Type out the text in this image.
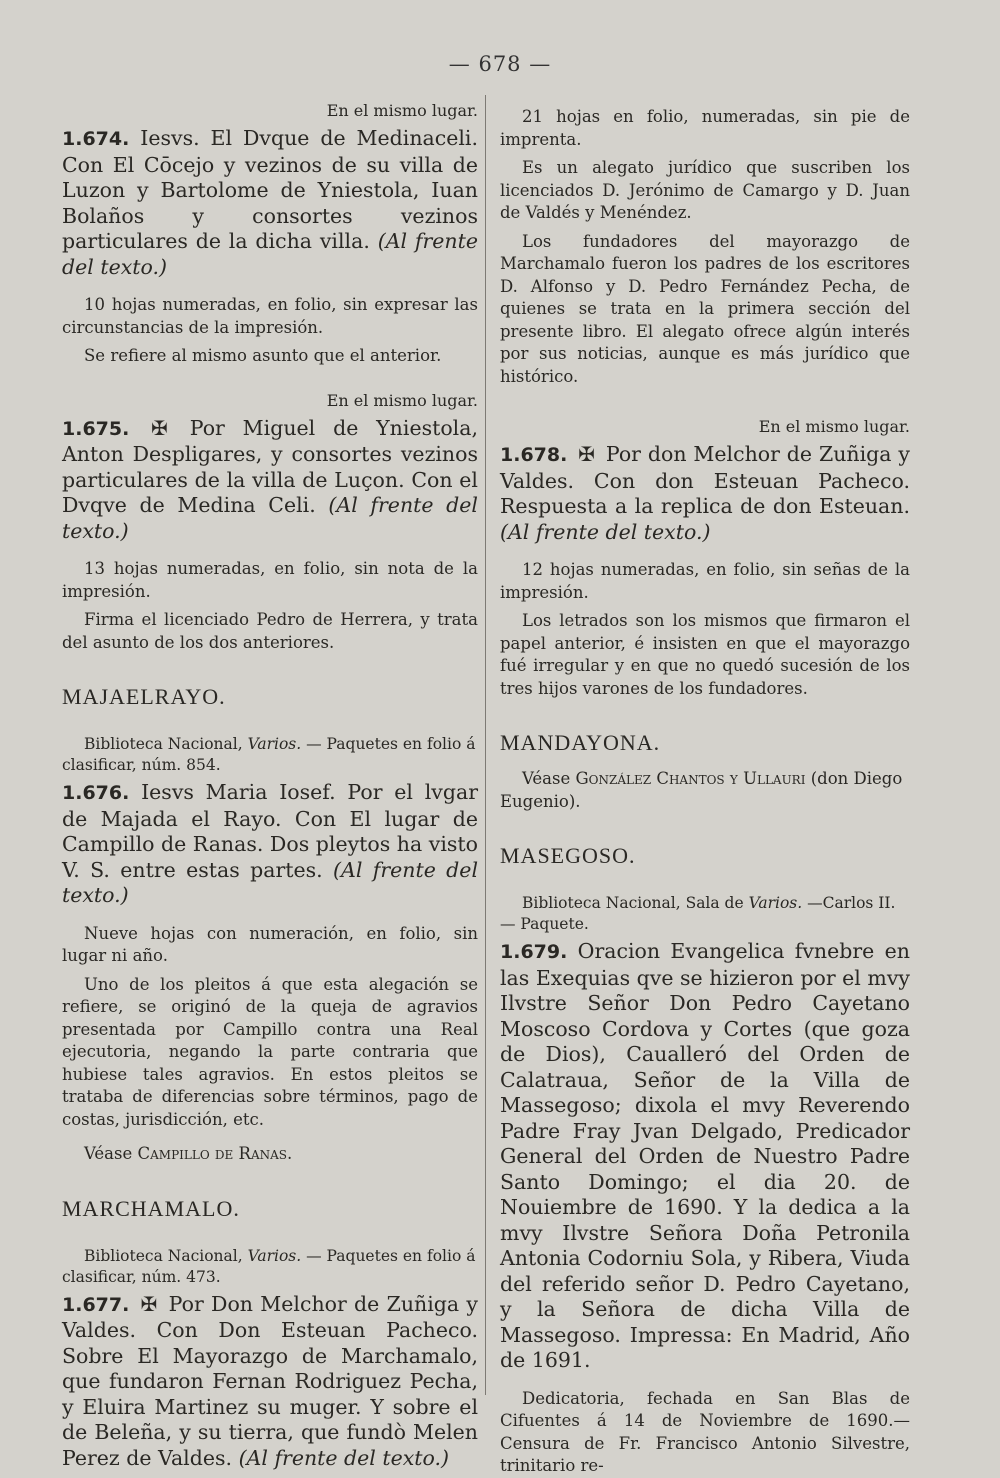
— 678 —

En el mismo lugar.

1.674. Iesvs. El Dvque de Medinaceli. Con El Cōcejo y vezinos de su villa de Luzon y Bartolome de Yniestola, Iuan Bolaños y consortes vezinos particulares de la dicha villa. (Al frente del texto.)

10 hojas numeradas, en folio, sin expresar las circunstancias de la impresión.

Se refiere al mismo asunto que el anterior.

En el mismo lugar.

1.675. ✠ Por Miguel de Yniestola, Anton Despligares, y consortes vezinos particulares de la villa de Luçon. Con el Dvqve de Medina Celi. (Al frente del texto.)

13 hojas numeradas, en folio, sin nota de la impresión.

Firma el licenciado Pedro de Herrera, y trata del asunto de los dos anteriores.

MAJAELRAYO.

Biblioteca Nacional, Varios. — Paquetes en folio á clasificar, núm. 854.

1.676. Iesvs Maria Iosef. Por el lvgar de Majada el Rayo. Con El lugar de Campillo de Ranas. Dos pleytos ha visto V. S. entre estas partes. (Al frente del texto.)

Nueve hojas con numeración, en folio, sin lugar ni año.

Uno de los pleitos á que esta alegación se refiere, se originó de la queja de agravios presentada por Campillo contra una Real ejecutoria, negando la parte contraria que hubiese tales agravios. En estos pleitos se trataba de diferencias sobre términos, pago de costas, jurisdicción, etc.

Véase Campillo de Ranas.

MARCHAMALO.

Biblioteca Nacional, Varios. — Paquetes en folio á clasificar, núm. 473.

1.677. ✠ Por Don Melchor de Zuñiga y Valdes. Con Don Esteuan Pacheco. Sobre El Mayorazgo de Marchamalo, que fundaron Fernan Rodriguez Pecha, y Eluira Martinez su muger. Y sobre el de Beleña, y su tierra, que fundò Melen Perez de Valdes. (Al frente del texto.)

21 hojas en folio, numeradas, sin pie de imprenta.

Es un alegato jurídico que suscriben los licenciados D. Jerónimo de Camargo y D. Juan de Valdés y Menéndez.

Los fundadores del mayorazgo de Marchamalo fueron los padres de los escritores D. Alfonso y D. Pedro Fernández Pecha, de quienes se trata en la primera sección del presente libro. El alegato ofrece algún interés por sus noticias, aunque es más jurídico que histórico.

En el mismo lugar.

1.678. ✠ Por don Melchor de Zuñiga y Valdes. Con don Esteuan Pacheco. Respuesta a la replica de don Esteuan. (Al frente del texto.)

12 hojas numeradas, en folio, sin señas de la impresión.

Los letrados son los mismos que firmaron el papel anterior, é insisten en que el mayorazgo fué irregular y en que no quedó sucesión de los tres hijos varones de los fundadores.

MANDAYONA.

Véase González Chantos y Ullauri (don Diego Eugenio).

MASEGOSO.

Biblioteca Nacional, Sala de Varios. —Carlos II.— Paquete.

1.679. Oracion Evangelica fvnebre en las Exequias qve se hizieron por el mvy Ilvstre Señor Don Pedro Cayetano Moscoso Cordova y Cortes (que goza de Dios), Caualleró del Orden de Calatraua, Señor de la Villa de Massegoso; dixola el mvy Reverendo Padre Fray Jvan Delgado, Predicador General del Orden de Nuestro Padre Santo Domingo; el dia 20. de Nouiembre de 1690. Y la dedica a la mvy Ilvstre Señora Doña Petronila Antonia Codorniu Sola, y Ribera, Viuda del referido señor D. Pedro Cayetano, y la Señora de dicha Villa de Massegoso. Impressa: En Madrid, Año de 1691.

Dedicatoria, fechada en San Blas de Cifuentes á 14 de Noviembre de 1690.— Censura de Fr. Francisco Antonio Silvestre, trinitario re-
